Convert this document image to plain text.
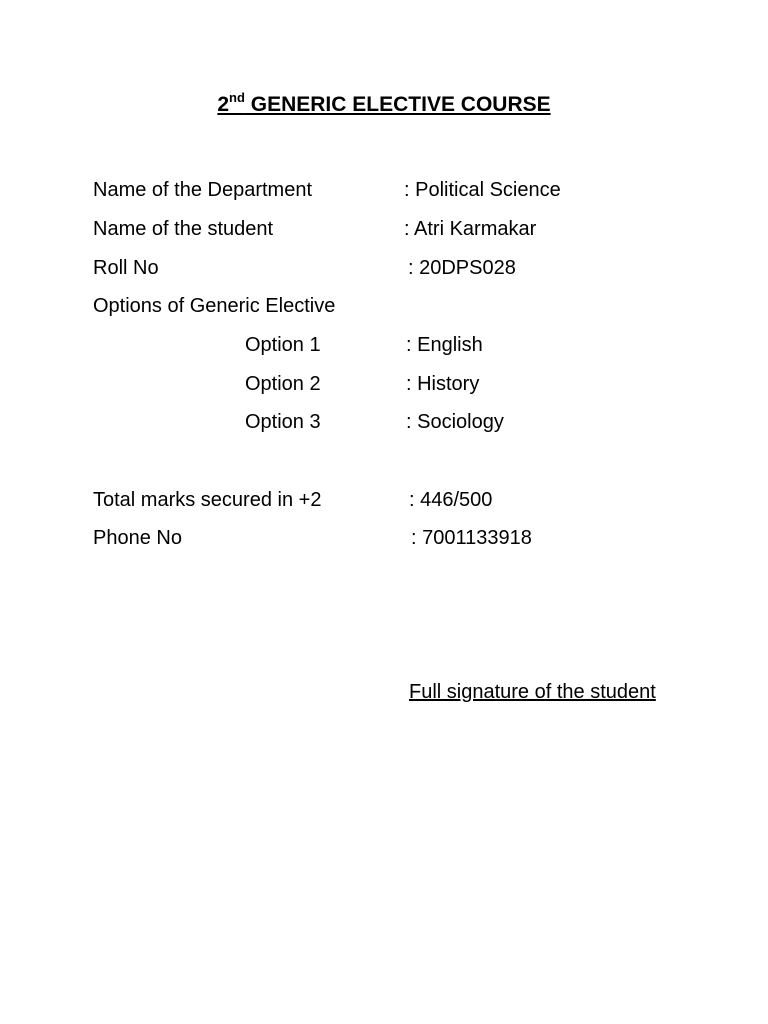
2nd GENERIC ELECTIVE COURSE
Name of the Department	: Political Science
Name of the student	: Atri Karmakar
Roll No	: 20DPS028
Options of Generic Elective
Option 1	: English
Option 2	: History
Option 3	: Sociology
Total marks secured in +2	: 446/500
Phone No	: 7001133918
Full signature of the student
